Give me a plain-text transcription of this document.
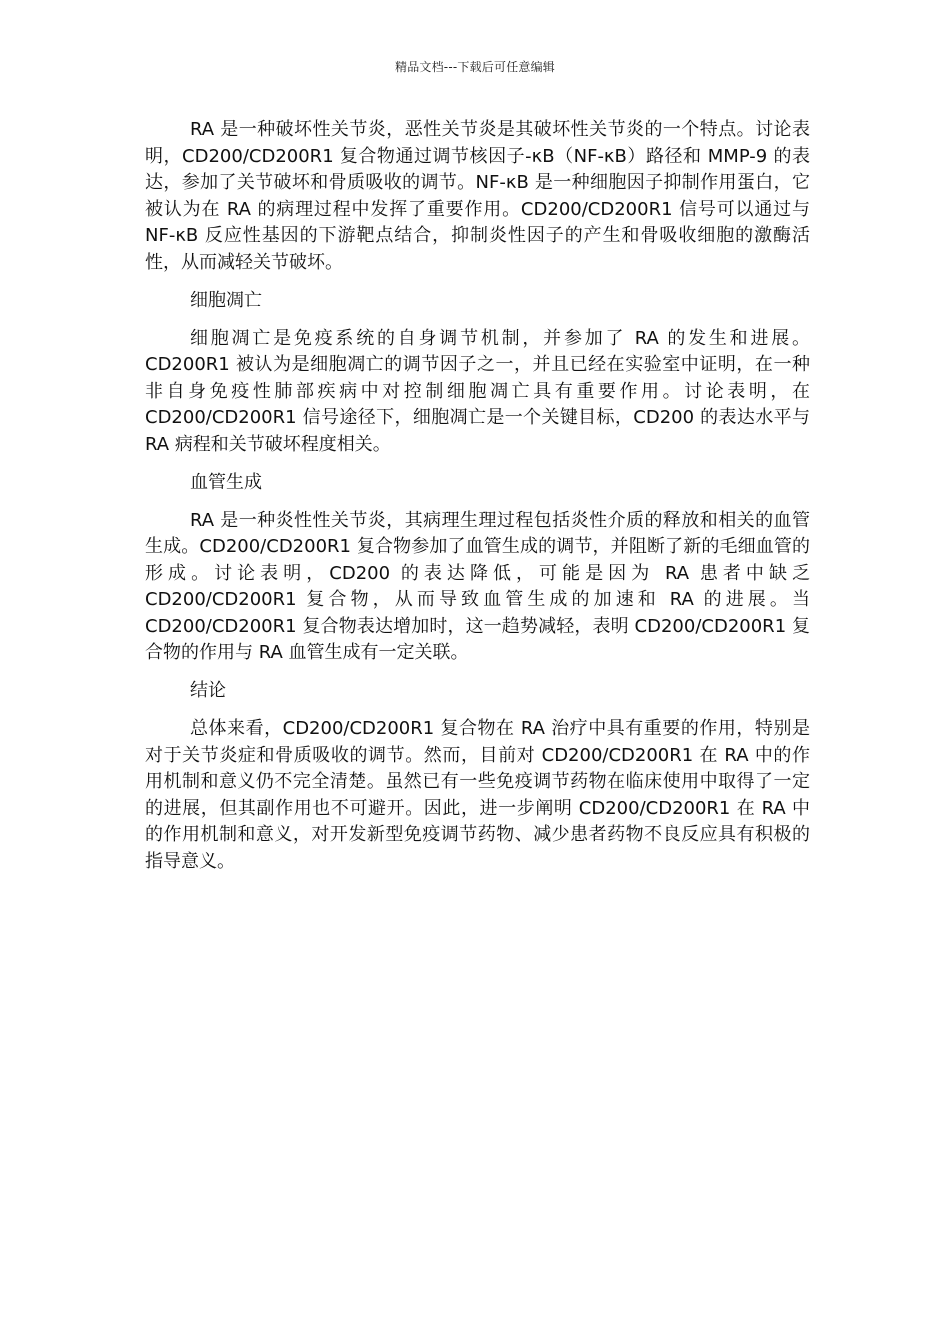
精品文档---下载后可任意编辑

RA 是一种破坏性关节炎，恶性关节炎是其破坏性关节炎的一个特点。讨论表明，CD200/CD200R1 复合物通过调节核因子-κB（NF-κB）路径和 MMP-9 的表达，参加了关节破坏和骨质吸收的调节。NF-κB 是一种细胞因子抑制作用蛋白，它被认为在 RA 的病理过程中发挥了重要作用。CD200/CD200R1 信号可以通过与 NF-κB 反应性基因的下游靶点结合，抑制炎性因子的产生和骨吸收细胞的激酶活性，从而减轻关节破坏。

细胞凋亡

细胞凋亡是免疫系统的自身调节机制，并参加了 RA 的发生和进展。CD200R1 被认为是细胞凋亡的调节因子之一，并且已经在实验室中证明，在一种非自身免疫性肺部疾病中对控制细胞凋亡具有重要作用。讨论表明，在 CD200/CD200R1 信号途径下，细胞凋亡是一个关键目标，CD200 的表达水平与 RA 病程和关节破坏程度相关。

血管生成

RA 是一种炎性性关节炎，其病理生理过程包括炎性介质的释放和相关的血管生成。CD200/CD200R1 复合物参加了血管生成的调节，并阻断了新的毛细血管的形成。讨论表明，CD200 的表达降低，可能是因为 RA 患者中缺乏 CD200/CD200R1 复合物，从而导致血管生成的加速和 RA 的进展。当 CD200/CD200R1 复合物表达增加时，这一趋势减轻，表明 CD200/CD200R1 复合物的作用与 RA 血管生成有一定关联。

结论

总体来看，CD200/CD200R1 复合物在 RA 治疗中具有重要的作用，特别是对于关节炎症和骨质吸收的调节。然而，目前对 CD200/CD200R1 在 RA 中的作用机制和意义仍不完全清楚。虽然已有一些免疫调节药物在临床使用中取得了一定的进展，但其副作用也不可避开。因此，进一步阐明 CD200/CD200R1 在 RA 中的作用机制和意义，对开发新型免疫调节药物、减少患者药物不良反应具有积极的指导意义。
